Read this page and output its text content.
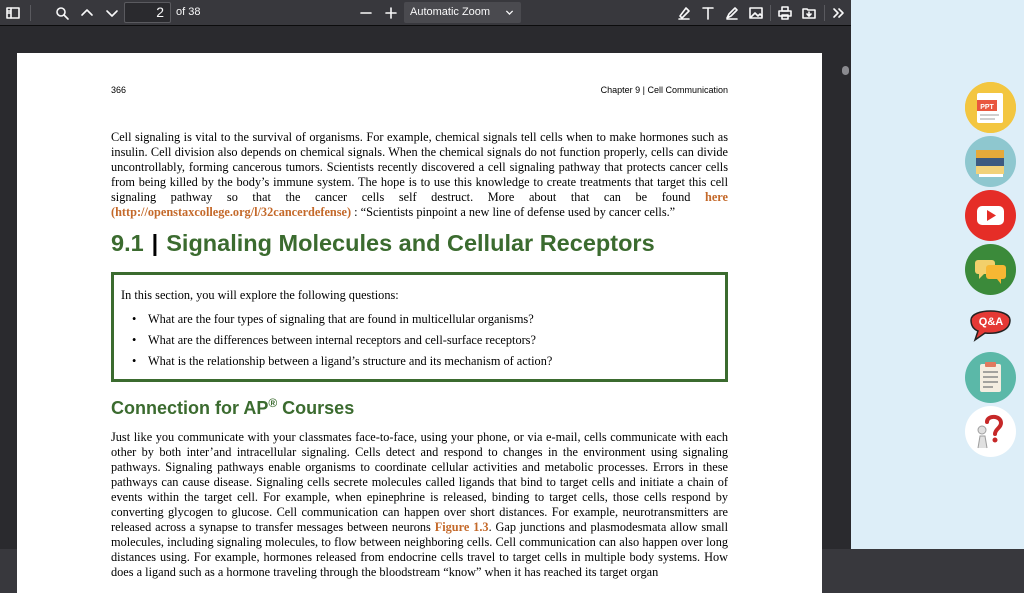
2	of 38	Automatic Zoom
366	Chapter 9 | Cell Communication
Cell signaling is vital to the survival of organisms. For example, chemical signals tell cells when to make hormones such as insulin. Cell division also depends on chemical signals. When the chemical signals do not function properly, cells can divide uncontrollably, forming cancerous tumors. Scientists recently discovered a cell signaling pathway that protects cancer cells from being killed by the body’s immune system. The hope is to use this knowledge to create treatments that target this cell signaling pathway so that the cancer cells self destruct. More about that can be found here (http://openstaxcollege.org/l/32cancerdefense) : “Scientists pinpoint a new line of defense used by cancer cells.”
9.1 | Signaling Molecules and Cellular Receptors
In this section, you will explore the following questions:
• What are the four types of signaling that are found in multicellular organisms?
• What are the differences between internal receptors and cell-surface receptors?
• What is the relationship between a ligand’s structure and its mechanism of action?
Connection for AP® Courses
Just like you communicate with your classmates face-to-face, using your phone, or via e-mail, cells communicate with each other by both inter’and intracellular signaling. Cells detect and respond to changes in the environment using signaling pathways. Signaling pathways enable organisms to coordinate cellular activities and metabolic processes. Errors in these pathways can cause disease. Signaling cells secrete molecules called ligands that bind to target cells and initiate a chain of events within the target cell. For example, when epinephrine is released, binding to target cells, those cells respond by converting glycogen to glucose. Cell communication can happen over short distances. For example, neurotransmitters are released across a synapse to transfer messages between neurons Figure 1.3. Gap junctions and plasmodesmata allow small molecules, including signaling molecules, to flow between neighboring cells. Cell communication can also happen over long distances using. For example, hormones released from endocrine cells travel to target cells in multiple body systems. How does a ligand such as a hormone traveling through the bloodstream “know” when it has reached its target organ
PPT
Q&A
